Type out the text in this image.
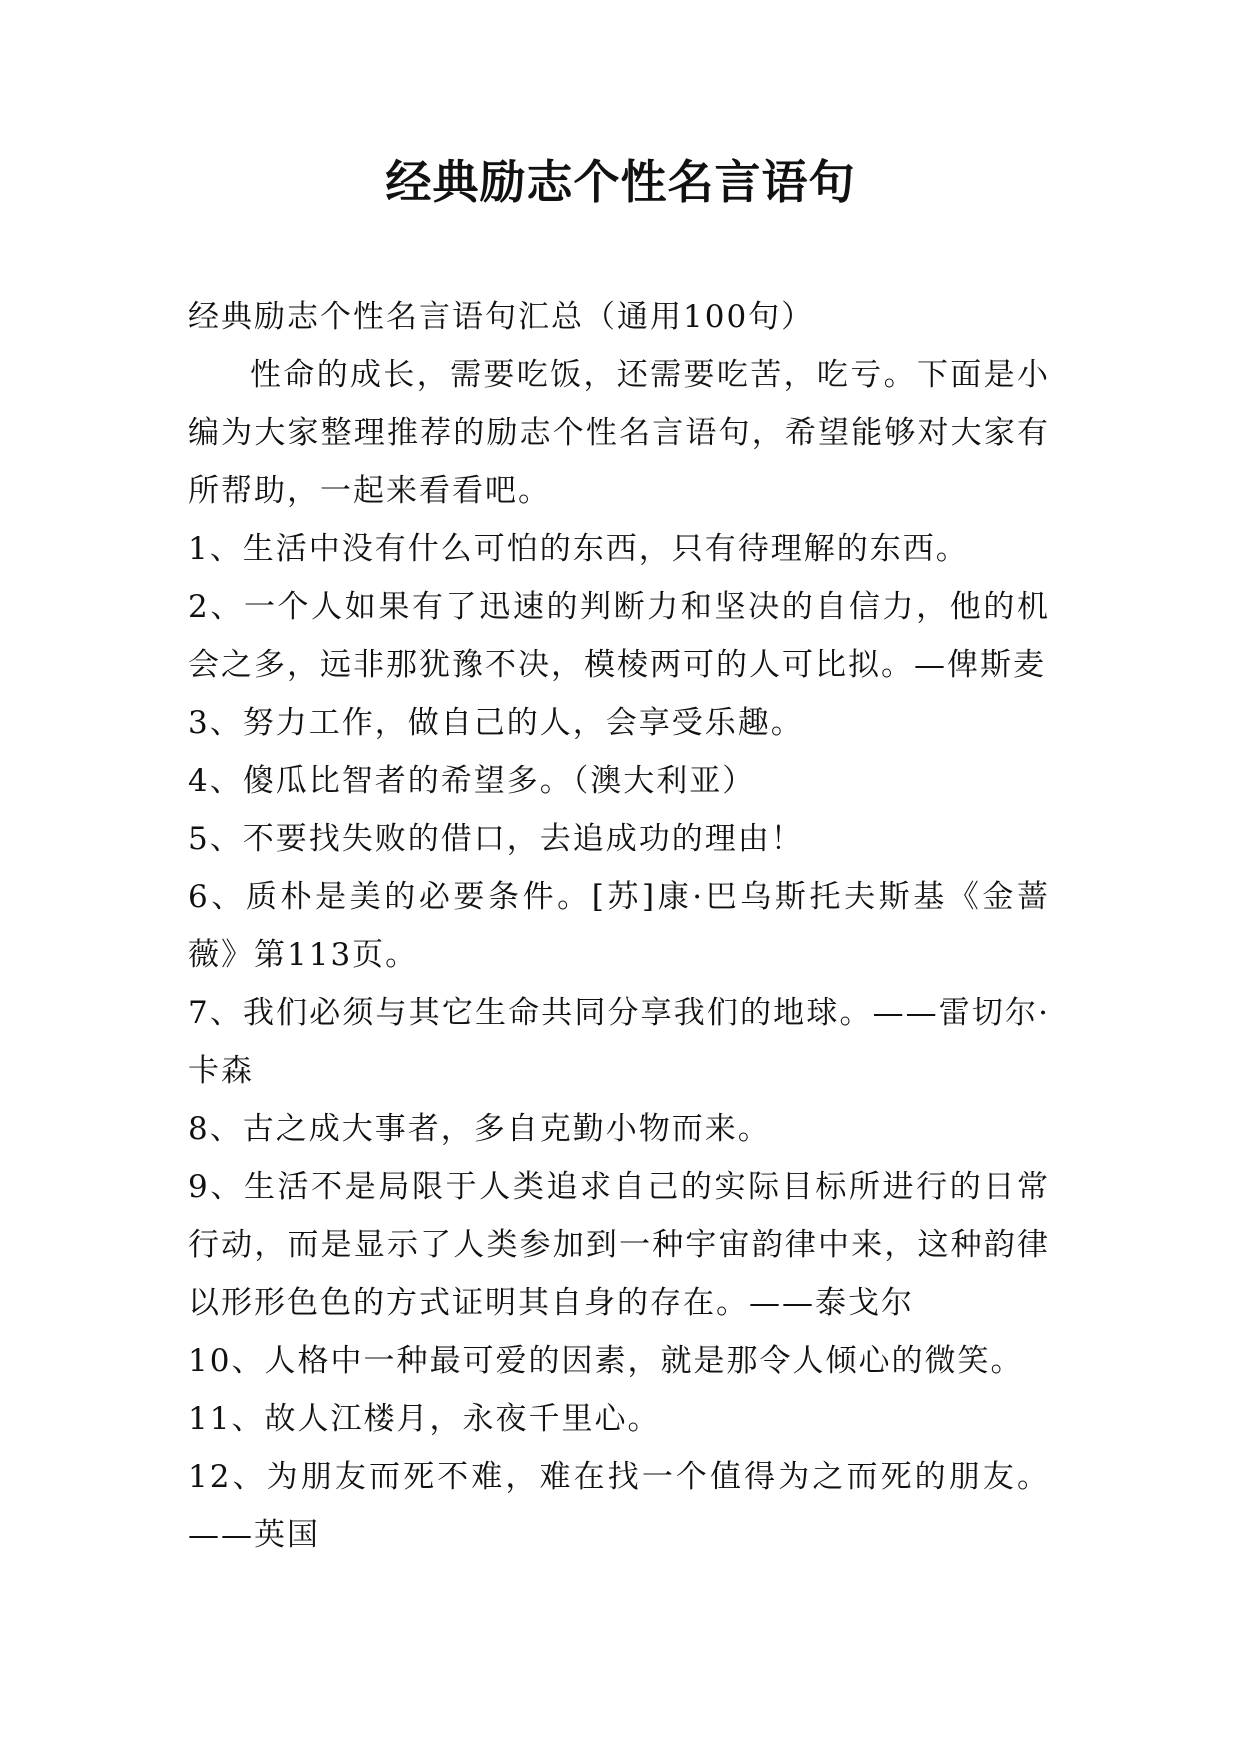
经典励志个性名言语句

经典励志个性名言语句汇总（通用100句）

性命的成长，需要吃饭，还需要吃苦，吃亏。下面是小编为大家整理推荐的励志个性名言语句，希望能够对大家有所帮助，一起来看看吧。

1、生活中没有什么可怕的东西，只有待理解的东西。

2、一个人如果有了迅速的判断力和坚决的自信力，他的机会之多，远非那犹豫不决，模棱两可的人可比拟。—俾斯麦

3、努力工作，做自己的人，会享受乐趣。

4、傻瓜比智者的希望多。（澳大利亚）

5、不要找失败的借口，去追成功的理由！

6、质朴是美的必要条件。[苏]康·巴乌斯托夫斯基《金蔷薇》第113页。

7、我们必须与其它生命共同分享我们的地球。——雷切尔·卡森

8、古之成大事者，多自克勤小物而来。

9、生活不是局限于人类追求自己的实际目标所进行的日常行动，而是显示了人类参加到一种宇宙韵律中来，这种韵律以形形色色的方式证明其自身的存在。——泰戈尔

10、人格中一种最可爱的因素，就是那令人倾心的微笑。

11、故人江楼月，永夜千里心。

12、为朋友而死不难，难在找一个值得为之而死的朋友。——英国
